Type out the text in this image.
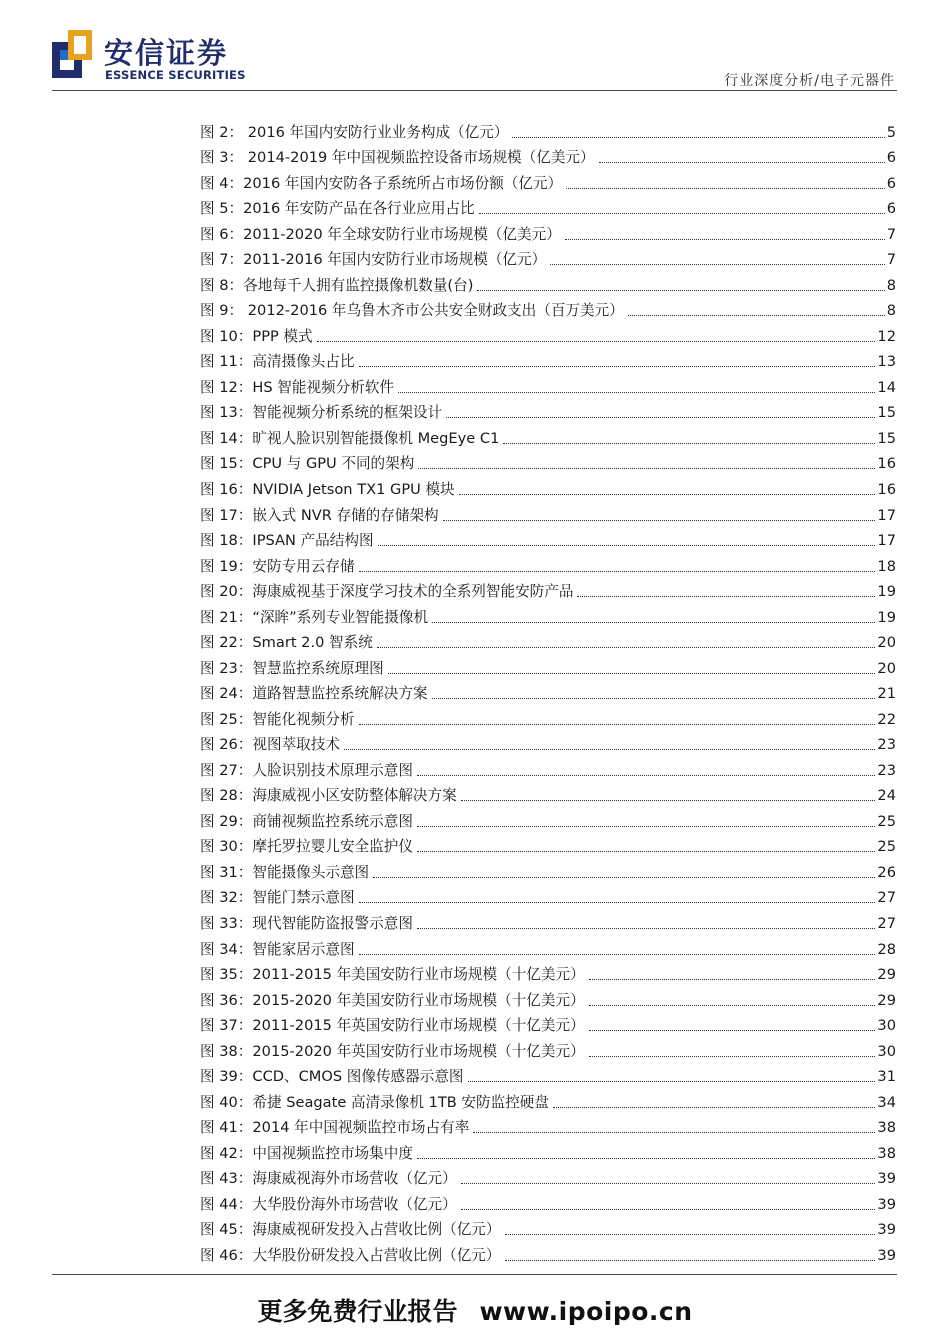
安信证券
ESSENCE SECURITIES	行业深度分析/电子元器件
图 2： 2016 年国内安防行业业务构成（亿元）	5
图 3： 2014-2019 年中国视频监控设备市场规模（亿美元）	6
图 4：2016 年国内安防各子系统所占市场份额（亿元）	6
图 5：2016 年安防产品在各行业应用占比	6
图 6：2011-2020 年全球安防行业市场规模（亿美元）	7
图 7：2011-2016 年国内安防行业市场规模（亿元）	7
图 8：各地每千人拥有监控摄像机数量(台)	8
图 9： 2012-2016 年乌鲁木齐市公共安全财政支出（百万美元）	8
图 10：PPP 模式	12
图 11：高清摄像头占比	13
图 12：HS 智能视频分析软件	14
图 13：智能视频分析系统的框架设计	15
图 14：旷视人脸识别智能摄像机 MegEye C1	15
图 15：CPU 与 GPU 不同的架构	16
图 16：NVIDIA Jetson TX1 GPU 模块	16
图 17：嵌入式 NVR 存储的存储架构	17
图 18：IPSAN 产品结构图	17
图 19：安防专用云存储	18
图 20：海康威视基于深度学习技术的全系列智能安防产品	19
图 21：“深眸”系列专业智能摄像机	19
图 22：Smart 2.0 智系统	20
图 23：智慧监控系统原理图	20
图 24：道路智慧监控系统解决方案	21
图 25：智能化视频分析	22
图 26：视图萃取技术	23
图 27：人脸识别技术原理示意图	23
图 28：海康威视小区安防整体解决方案	24
图 29：商铺视频监控系统示意图	25
图 30：摩托罗拉婴儿安全监护仪	25
图 31：智能摄像头示意图	26
图 32：智能门禁示意图	27
图 33：现代智能防盗报警示意图	27
图 34：智能家居示意图	28
图 35：2011-2015 年美国安防行业市场规模（十亿美元）	29
图 36：2015-2020 年美国安防行业市场规模（十亿美元）	29
图 37：2011-2015 年英国安防行业市场规模（十亿美元）	30
图 38：2015-2020 年英国安防行业市场规模（十亿美元）	30
图 39：CCD、CMOS 图像传感器示意图	31
图 40：希捷 Seagate 高清录像机 1TB 安防监控硬盘	34
图 41：2014 年中国视频监控市场占有率	38
图 42：中国视频监控市场集中度	38
图 43：海康威视海外市场营收（亿元）	39
图 44：大华股份海外市场营收（亿元）	39
图 45：海康威视研发投入占营收比例（亿元）	39
图 46：大华股份研发投入占营收比例（亿元）	39
更多免费行业报告 www.ipoipo.cn
